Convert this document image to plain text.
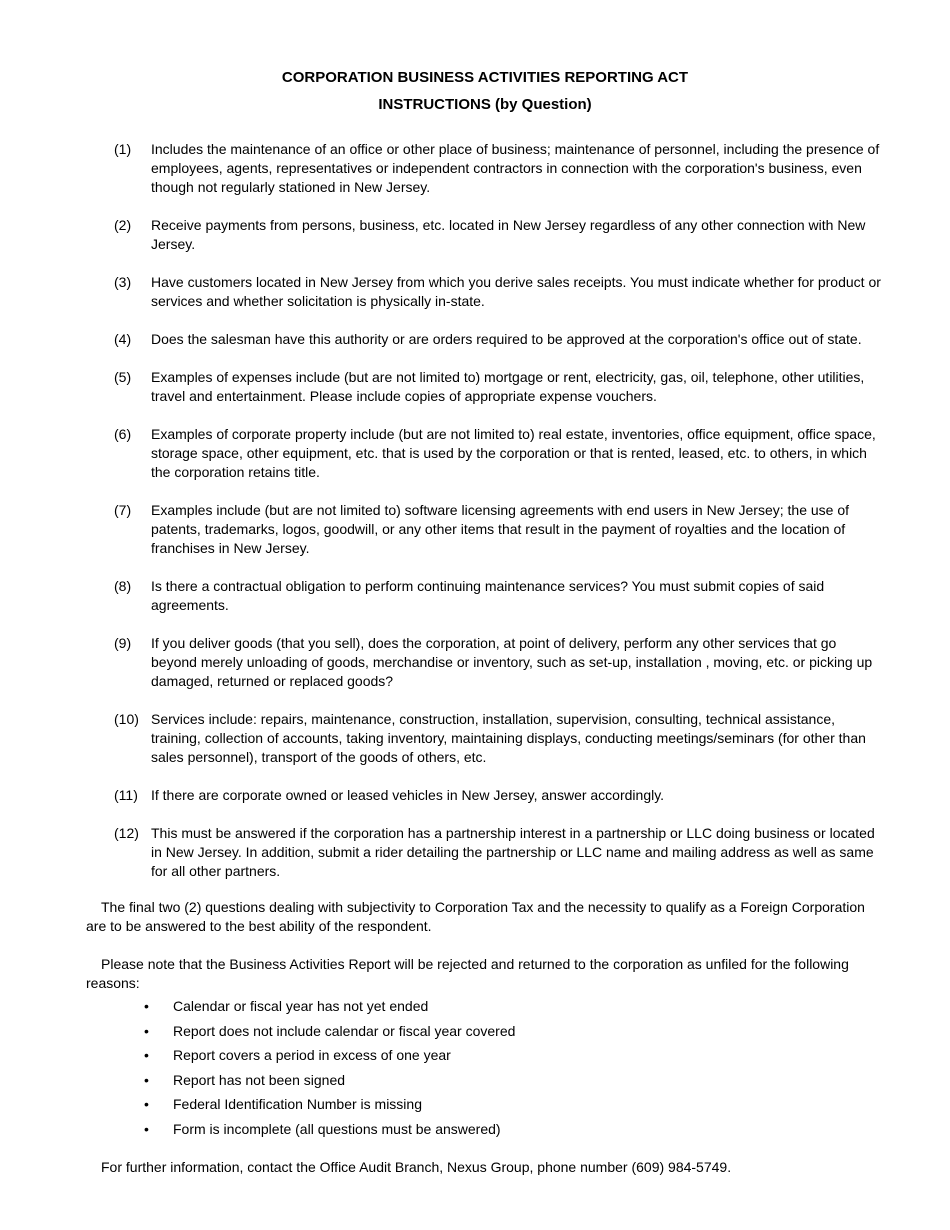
CORPORATION BUSINESS ACTIVITIES REPORTING ACT
INSTRUCTIONS (by Question)
(1)	Includes the maintenance of an office or other place of business; maintenance of personnel, including the presence of employees, agents, representatives or independent contractors in connection with the corporation's business, even though not regularly stationed in New Jersey.
(2)	Receive payments from persons, business, etc. located in New Jersey regardless of any other connection with New Jersey.
(3)	Have customers located in New Jersey from which you derive sales receipts. You must indicate whether for product or services and whether solicitation is physically in-state.
(4)	Does the salesman have this authority or are orders required to be approved at the corporation's office out of state.
(5)	Examples of expenses include (but are not limited to) mortgage or rent, electricity, gas, oil, telephone, other utilities, travel and entertainment. Please include copies of appropriate expense vouchers.
(6)	Examples of corporate property include (but are not limited to) real estate, inventories, office equipment, office space, storage space, other equipment, etc. that is used by the corporation or that is rented, leased, etc. to others, in which the corporation retains title.
(7)	Examples include (but are not limited to) software licensing agreements with end users in New Jersey; the use of patents, trademarks, logos, goodwill, or any other items that result in the payment of royalties and the location of franchises in New Jersey.
(8)	Is there a contractual obligation to perform continuing maintenance services? You must submit copies of said agreements.
(9)	If you deliver goods (that you sell), does the corporation, at point of delivery, perform any other services that go beyond merely unloading of goods, merchandise or inventory, such as set-up, installation , moving, etc. or picking up damaged, returned or replaced goods?
(10) Services include: repairs, maintenance, construction, installation, supervision, consulting, technical assistance, training, collection of accounts, taking inventory, maintaining displays, conducting meetings/seminars (for other than sales personnel), transport of the goods of others, etc.
(11) If there are corporate owned or leased vehicles in New Jersey, answer accordingly.
(12) This must be answered if the corporation has a partnership interest in a partnership or LLC doing business or located in New Jersey. In addition, submit a rider detailing the partnership or LLC name and mailing address as well as same for all other partners.
The final two (2) questions dealing with subjectivity to Corporation Tax and the necessity to qualify as a Foreign Corporation are to be answered to the best ability of the respondent.
Please note that the Business Activities Report will be rejected and returned to the corporation as unfiled for the following reasons:
• Calendar or fiscal year has not yet ended
• Report does not include calendar or fiscal year covered
• Report covers a period in excess of one year
• Report has not been signed
• Federal Identification Number is missing
• Form is incomplete (all questions must be answered)
For further information, contact the Office Audit Branch, Nexus Group, phone number (609) 984-5749.
